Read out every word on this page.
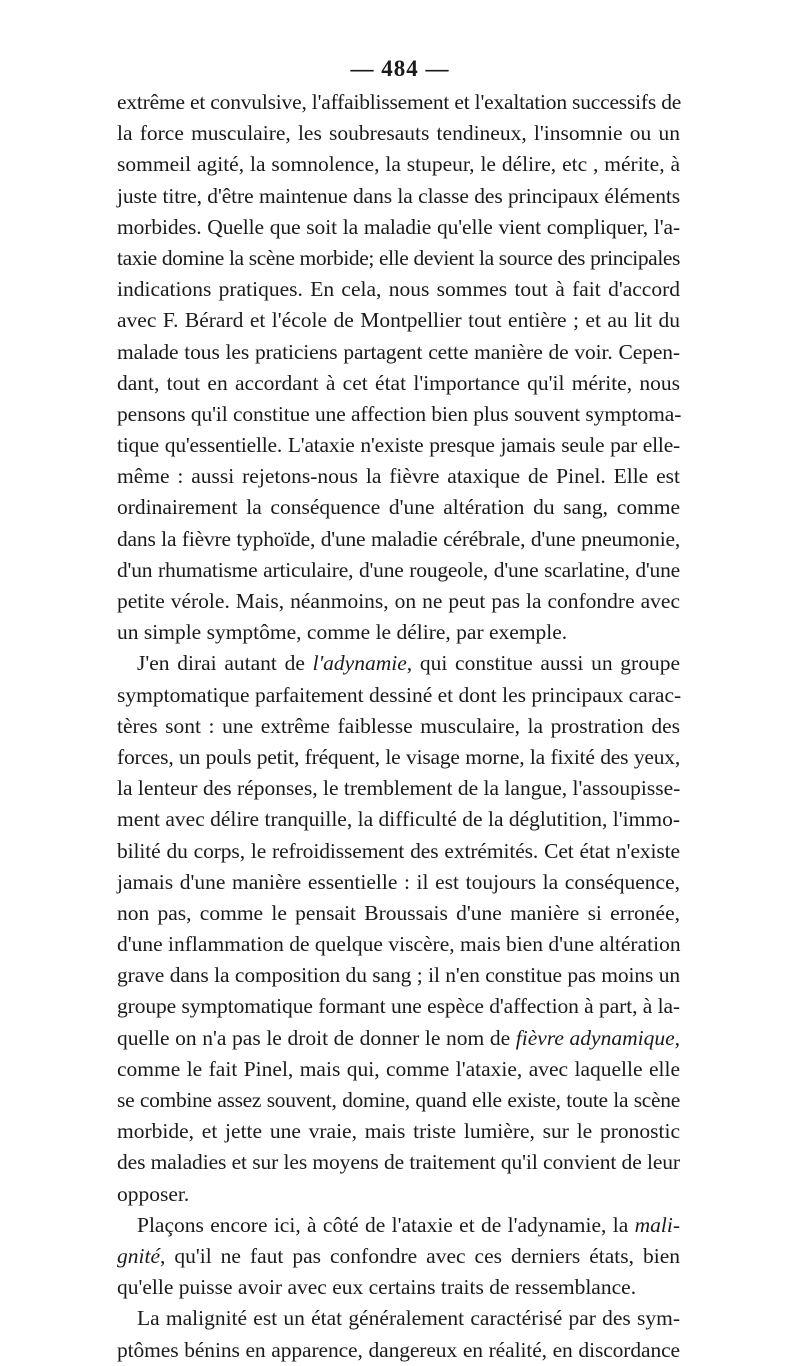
— 484 —
extrême et convulsive, l'affaiblissement et l'exaltation successifs de
la force musculaire, les soubresauts tendineux, l'insomnie ou un
sommeil agité, la somnolence, la stupeur, le délire, etc , mérite, à
juste titre, d'être maintenue dans la classe des principaux éléments
morbides. Quelle que soit la maladie qu'elle vient compliquer, l'a-
taxie domine la scène morbide; elle devient la source des principales
indications pratiques. En cela, nous sommes tout à fait d'accord
avec F. Bérard et l'école de Montpellier tout entière ; et au lit du
malade tous les praticiens partagent cette manière de voir. Cepen-
dant, tout en accordant à cet état l'importance qu'il mérite, nous
pensons qu'il constitue une affection bien plus souvent symptoma-
tique qu'essentielle. L'ataxie n'existe presque jamais seule par elle-
même : aussi rejetons-nous la fièvre ataxique de Pinel. Elle est
ordinairement la conséquence d'une altération du sang, comme
dans la fièvre typhoïde, d'une maladie cérébrale, d'une pneumonie,
d'un rhumatisme articulaire, d'une rougeole, d'une scarlatine, d'une
petite vérole. Mais, néanmoins, on ne peut pas la confondre avec
un simple symptôme, comme le délire, par exemple.
J'en dirai autant de l'adynamie, qui constitue aussi un groupe
symptomatique parfaitement dessiné et dont les principaux carac-
tères sont : une extrême faiblesse musculaire, la prostration des
forces, un pouls petit, fréquent, le visage morne, la fixité des yeux,
la lenteur des réponses, le tremblement de la langue, l'assoupisse-
ment avec délire tranquille, la difficulté de la déglutition, l'immo-
bilité du corps, le refroidissement des extrémités. Cet état n'existe
jamais d'une manière essentielle : il est toujours la conséquence,
non pas, comme le pensait Broussais d'une manière si erronée,
d'une inflammation de quelque viscère, mais bien d'une altération
grave dans la composition du sang ; il n'en constitue pas moins un
groupe symptomatique formant une espèce d'affection à part, à la-
quelle on n'a pas le droit de donner le nom de fièvre adynamique,
comme le fait Pinel, mais qui, comme l'ataxie, avec laquelle elle
se combine assez souvent, domine, quand elle existe, toute la scène
morbide, et jette une vraie, mais triste lumière, sur le pronostic
des maladies et sur les moyens de traitement qu'il convient de leur
opposer.
Plaçons encore ici, à côté de l'ataxie et de l'adynamie, la mali-
gnité, qu'il ne faut pas confondre avec ces derniers états, bien
qu'elle puisse avoir avec eux certains traits de ressemblance.
La malignité est un état généralement caractérisé par des sym-
ptômes bénins en apparence, dangereux en réalité, en discordance
